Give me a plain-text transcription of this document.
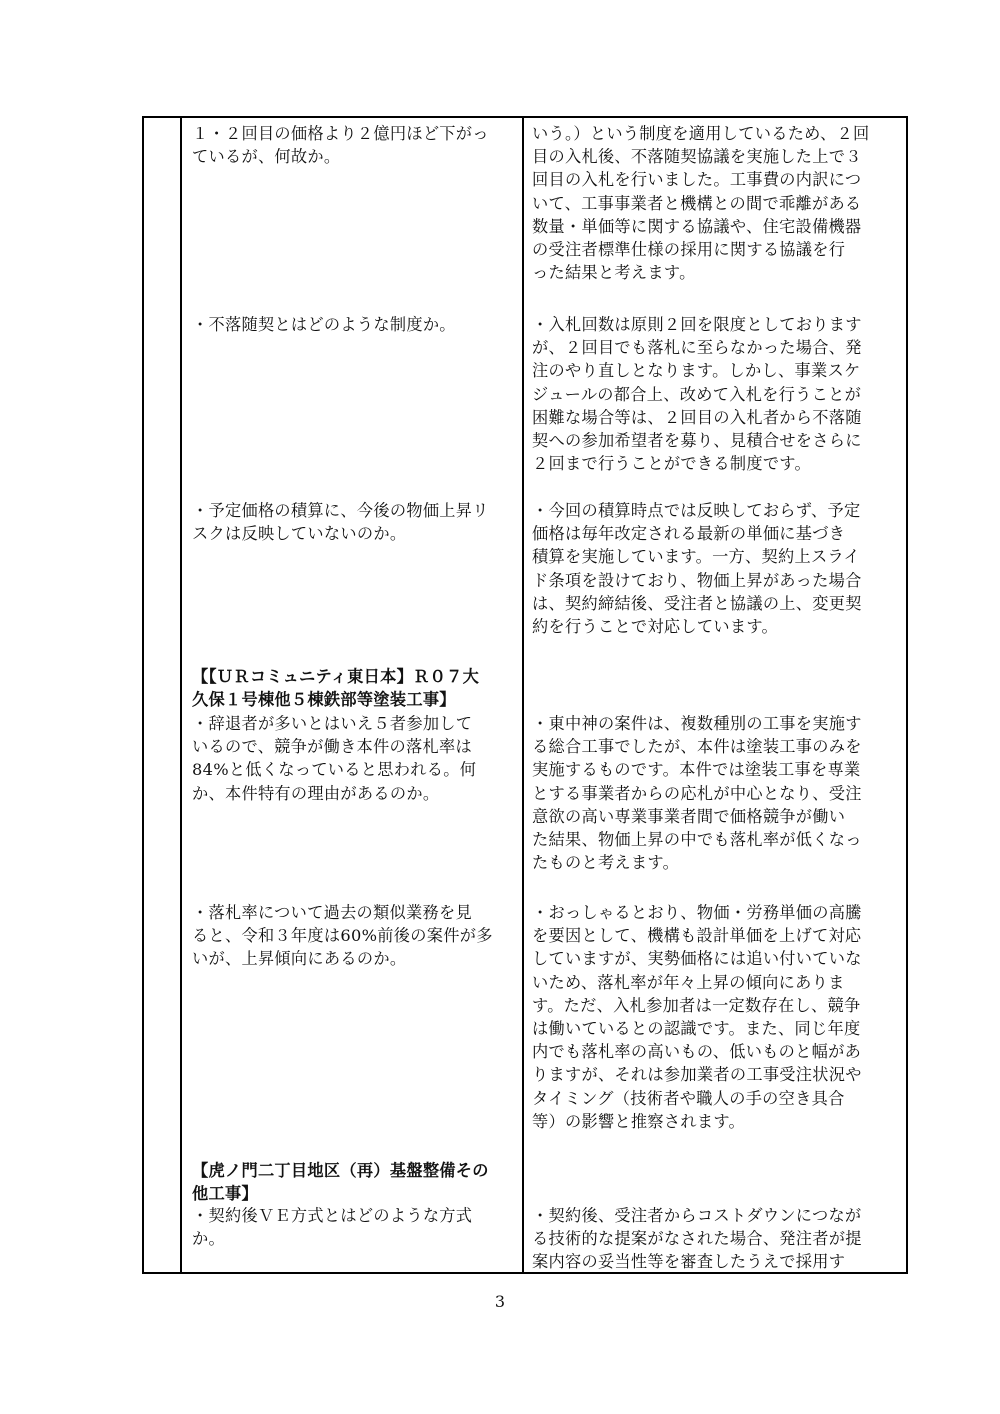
１・２回目の価格より２億円ほど下がっ
ているが、何故か。
いう。）という制度を適用しているため、２回
目の入札後、不落随契協議を実施した上で３
回目の入札を行いました。工事費の内訳につ
いて、工事事業者と機構との間で乖離がある
数量・単価等に関する協議や、住宅設備機器
の受注者標準仕様の採用に関する協議を行
った結果と考えます。
・不落随契とはどのような制度か。	・入札回数は原則２回を限度としております
が、２回目でも落札に至らなかった場合、発
注のやり直しとなります。しかし、事業スケ
ジュールの都合上、改めて入札を行うことが
困難な場合等は、２回目の入札者から不落随
契への参加希望者を募り、見積合せをさらに
２回まで行うことができる制度です。
・予定価格の積算に、今後の物価上昇リ
スクは反映していないのか。
・今回の積算時点では反映しておらず、予定
価格は毎年改定される最新の単価に基づき
積算を実施しています。一方、契約上スライ
ド条項を設けており、物価上昇があった場合
は、契約締結後、受注者と協議の上、変更契
約を行うことで対応しています。
【【ＵＲコミュニティ東日本】Ｒ０７大
久保１号棟他５棟鉄部等塗装工事】
・辞退者が多いとはいえ５者参加して
いるので、競争が働き本件の落札率は
84%と低くなっていると思われる。何
か、本件特有の理由があるのか。
・東中神の案件は、複数種別の工事を実施す
る総合工事でしたが、本件は塗装工事のみを
実施するものです。本件では塗装工事を専業
とする事業者からの応札が中心となり、受注
意欲の高い専業事業者間で価格競争が働い
た結果、物価上昇の中でも落札率が低くなっ
たものと考えます。
・落札率について過去の類似業務を見
ると、令和３年度は60%前後の案件が多
いが、上昇傾向にあるのか。
・おっしゃるとおり、物価・労務単価の高騰
を要因として、機構も設計単価を上げて対応
していますが、実勢価格には追い付いていな
いため、落札率が年々上昇の傾向にありま
す。ただ、入札参加者は一定数存在し、競争
は働いているとの認識です。また、同じ年度
内でも落札率の高いもの、低いものと幅があ
りますが、それは参加業者の工事受注状況や
タイミング（技術者や職人の手の空き具合
等）の影響と推察されます。
【虎ノ門二丁目地区（再）基盤整備その
他工事】
・契約後ＶＥ方式とはどのような方式
か。
・契約後、受注者からコストダウンにつなが
る技術的な提案がなされた場合、発注者が提
案内容の妥当性等を審査したうえで採用す
3
